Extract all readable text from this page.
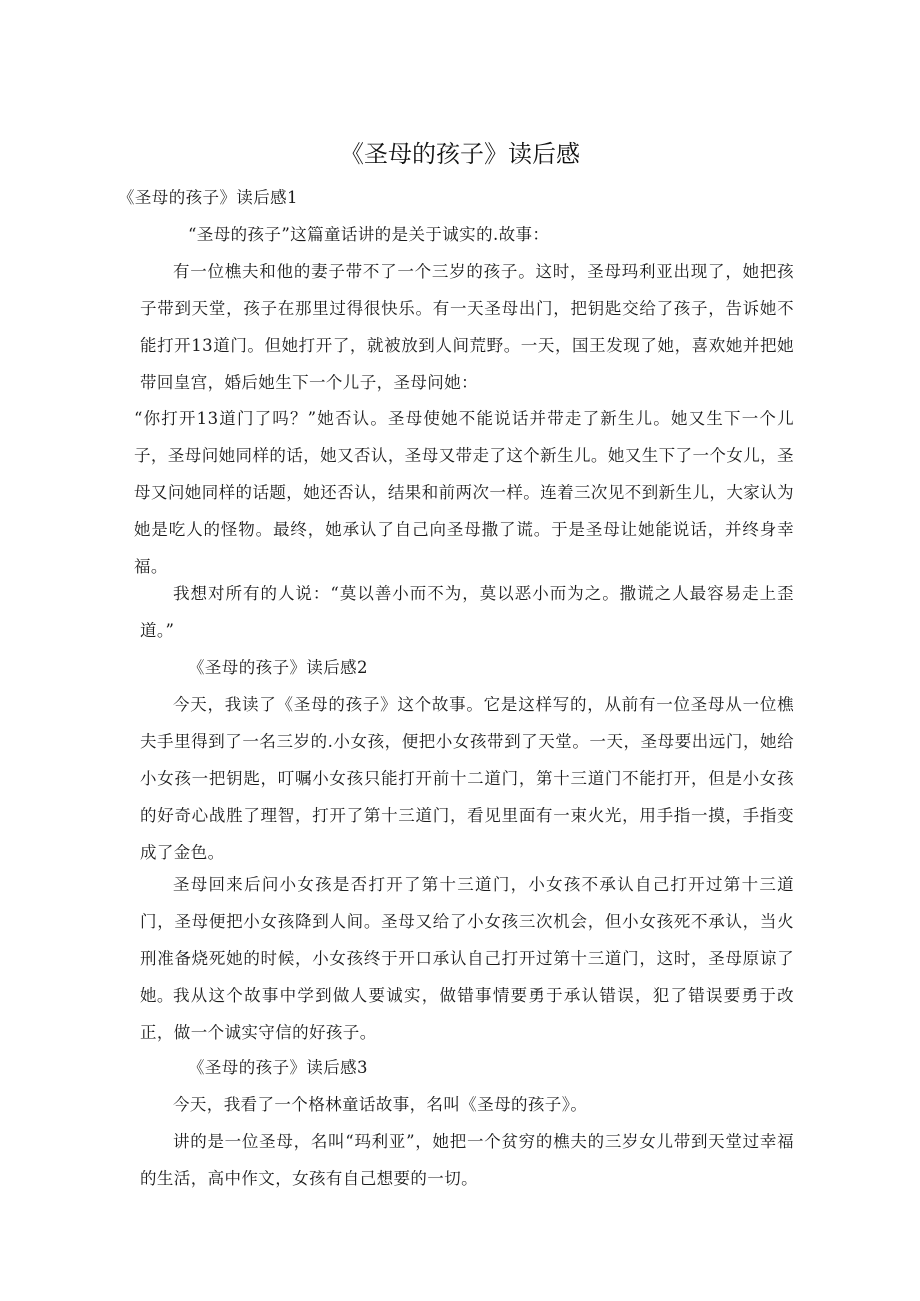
《圣母的孩子》读后感
《圣母的孩子》读后感1

“圣母的孩子”这篇童话讲的是关于诚实的.故事：

有一位樵夫和他的妻子带不了一个三岁的孩子。这时，圣母玛利亚出现了，她把孩子带到天堂，孩子在那里过得很快乐。有一天圣母出门，把钥匙交给了孩子，告诉她不能打开13道门。但她打开了，就被放到人间荒野。一天，国王发现了她，喜欢她并把她带回皇宫，婚后她生下一个儿子，圣母问她：

“你打开13道门了吗？”她否认。圣母使她不能说话并带走了新生儿。她又生下一个儿子，圣母问她同样的话，她又否认，圣母又带走了这个新生儿。她又生下了一个女儿，圣母又问她同样的话题，她还否认，结果和前两次一样。连着三次见不到新生儿，大家认为她是吃人的怪物。最终，她承认了自己向圣母撒了谎。于是圣母让她能说话，并终身幸福。

我想对所有的人说：“莫以善小而不为，莫以恶小而为之。撒谎之人最容易走上歪道。”

《圣母的孩子》读后感2

今天，我读了《圣母的孩子》这个故事。它是这样写的，从前有一位圣母从一位樵夫手里得到了一名三岁的.小女孩，便把小女孩带到了天堂。一天，圣母要出远门，她给小女孩一把钥匙，叮嘱小女孩只能打开前十二道门，第十三道门不能打开，但是小女孩的好奇心战胜了理智，打开了第十三道门，看见里面有一束火光，用手指一摸，手指变成了金色。

圣母回来后问小女孩是否打开了第十三道门，小女孩不承认自己打开过第十三道门，圣母便把小女孩降到人间。圣母又给了小女孩三次机会，但小女孩死不承认，当火刑准备烧死她的时候，小女孩终于开口承认自己打开过第十三道门，这时，圣母原谅了她。 我从这个故事中学到做人要诚实，做错事情要勇于承认错误，犯了错误要勇于改正，做一个诚实守信的好孩子。

《圣母的孩子》读后感3

今天，我看了一个格林童话故事，名叫《圣母的孩子》。

讲的是一位圣母，名叫“玛利亚”，她把一个贫穷的樵夫的三岁女儿带到天堂过幸福的生活，高中作文，女孩有自己想要的一切。
